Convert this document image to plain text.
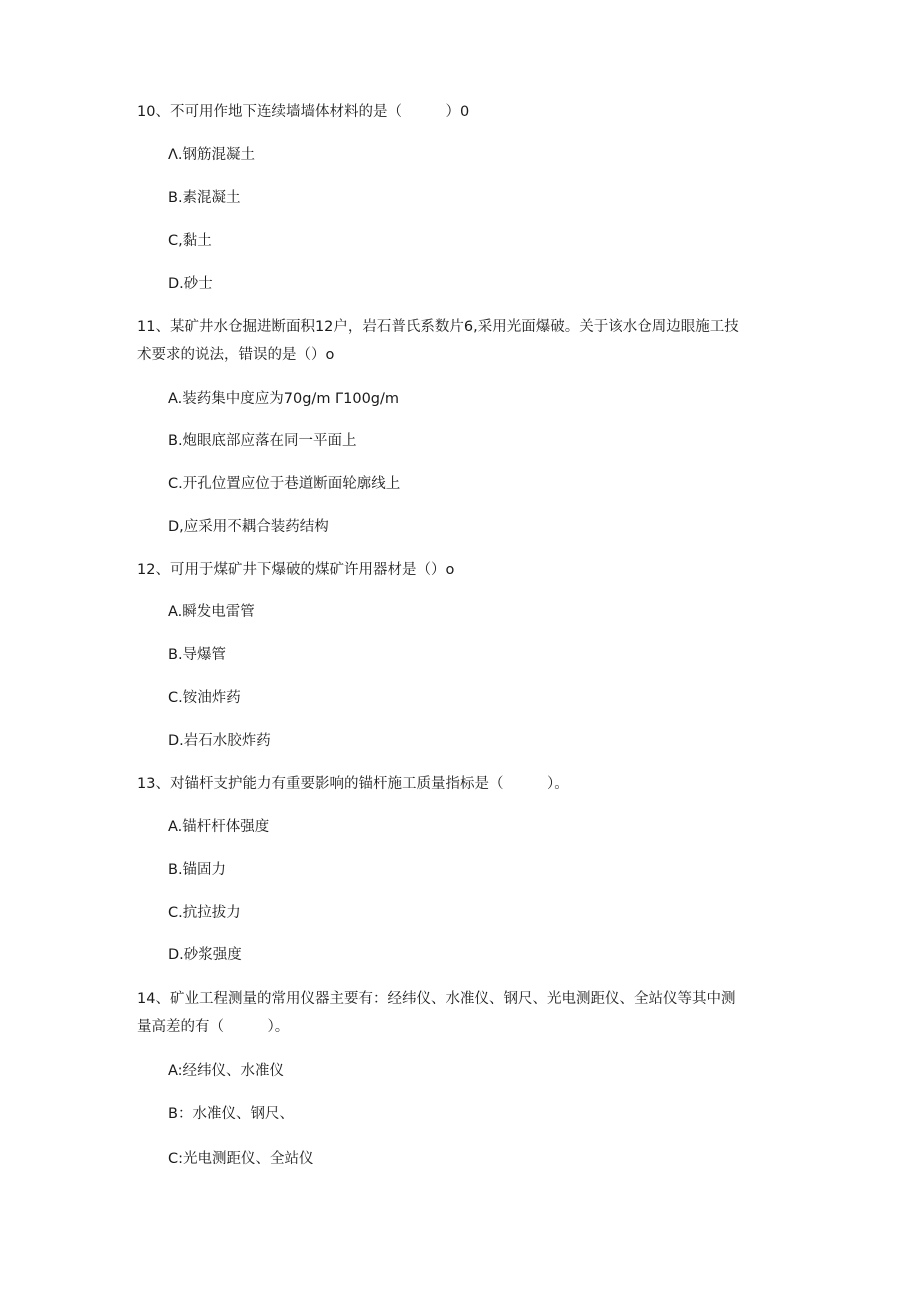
10、不可用作地下连续墙墙体材料的是（　　　）0
Λ.钢筋混凝土
B.素混凝土
C,黏土
D.砂士
11、某矿井水仓掘进断面积12户，岩石普氏系数片6,采用光面爆破。关于该水仓周边眼施工技
术要求的说法，错误的是（）o
A.装药集中度应为70g∕m Γ100g∕m
B.炮眼底部应落在同一平面上
C.开孔位置应位于巷道断面轮廓线上
D,应采用不耦合装药结构
12、可用于煤矿井下爆破的煤矿许用器材是（）o
A.瞬发电雷管
B.导爆管
C.铵油炸药
D.岩石水胶炸药
13、对锚杆支护能力有重要影响的锚杆施工质量指标是（　　　）。
A.锚杆杆体强度
B.锚固力
C.抗拉拔力
D.砂浆强度
14、矿业工程测量的常用仪器主要有：经纬仪、水准仪、钢尺、光电测距仪、全站仪等其中测
量高差的有（　　　）。
A:经纬仪、水准仪
B：水准仪、钢尺、
C:光电测距仪、全站仪
